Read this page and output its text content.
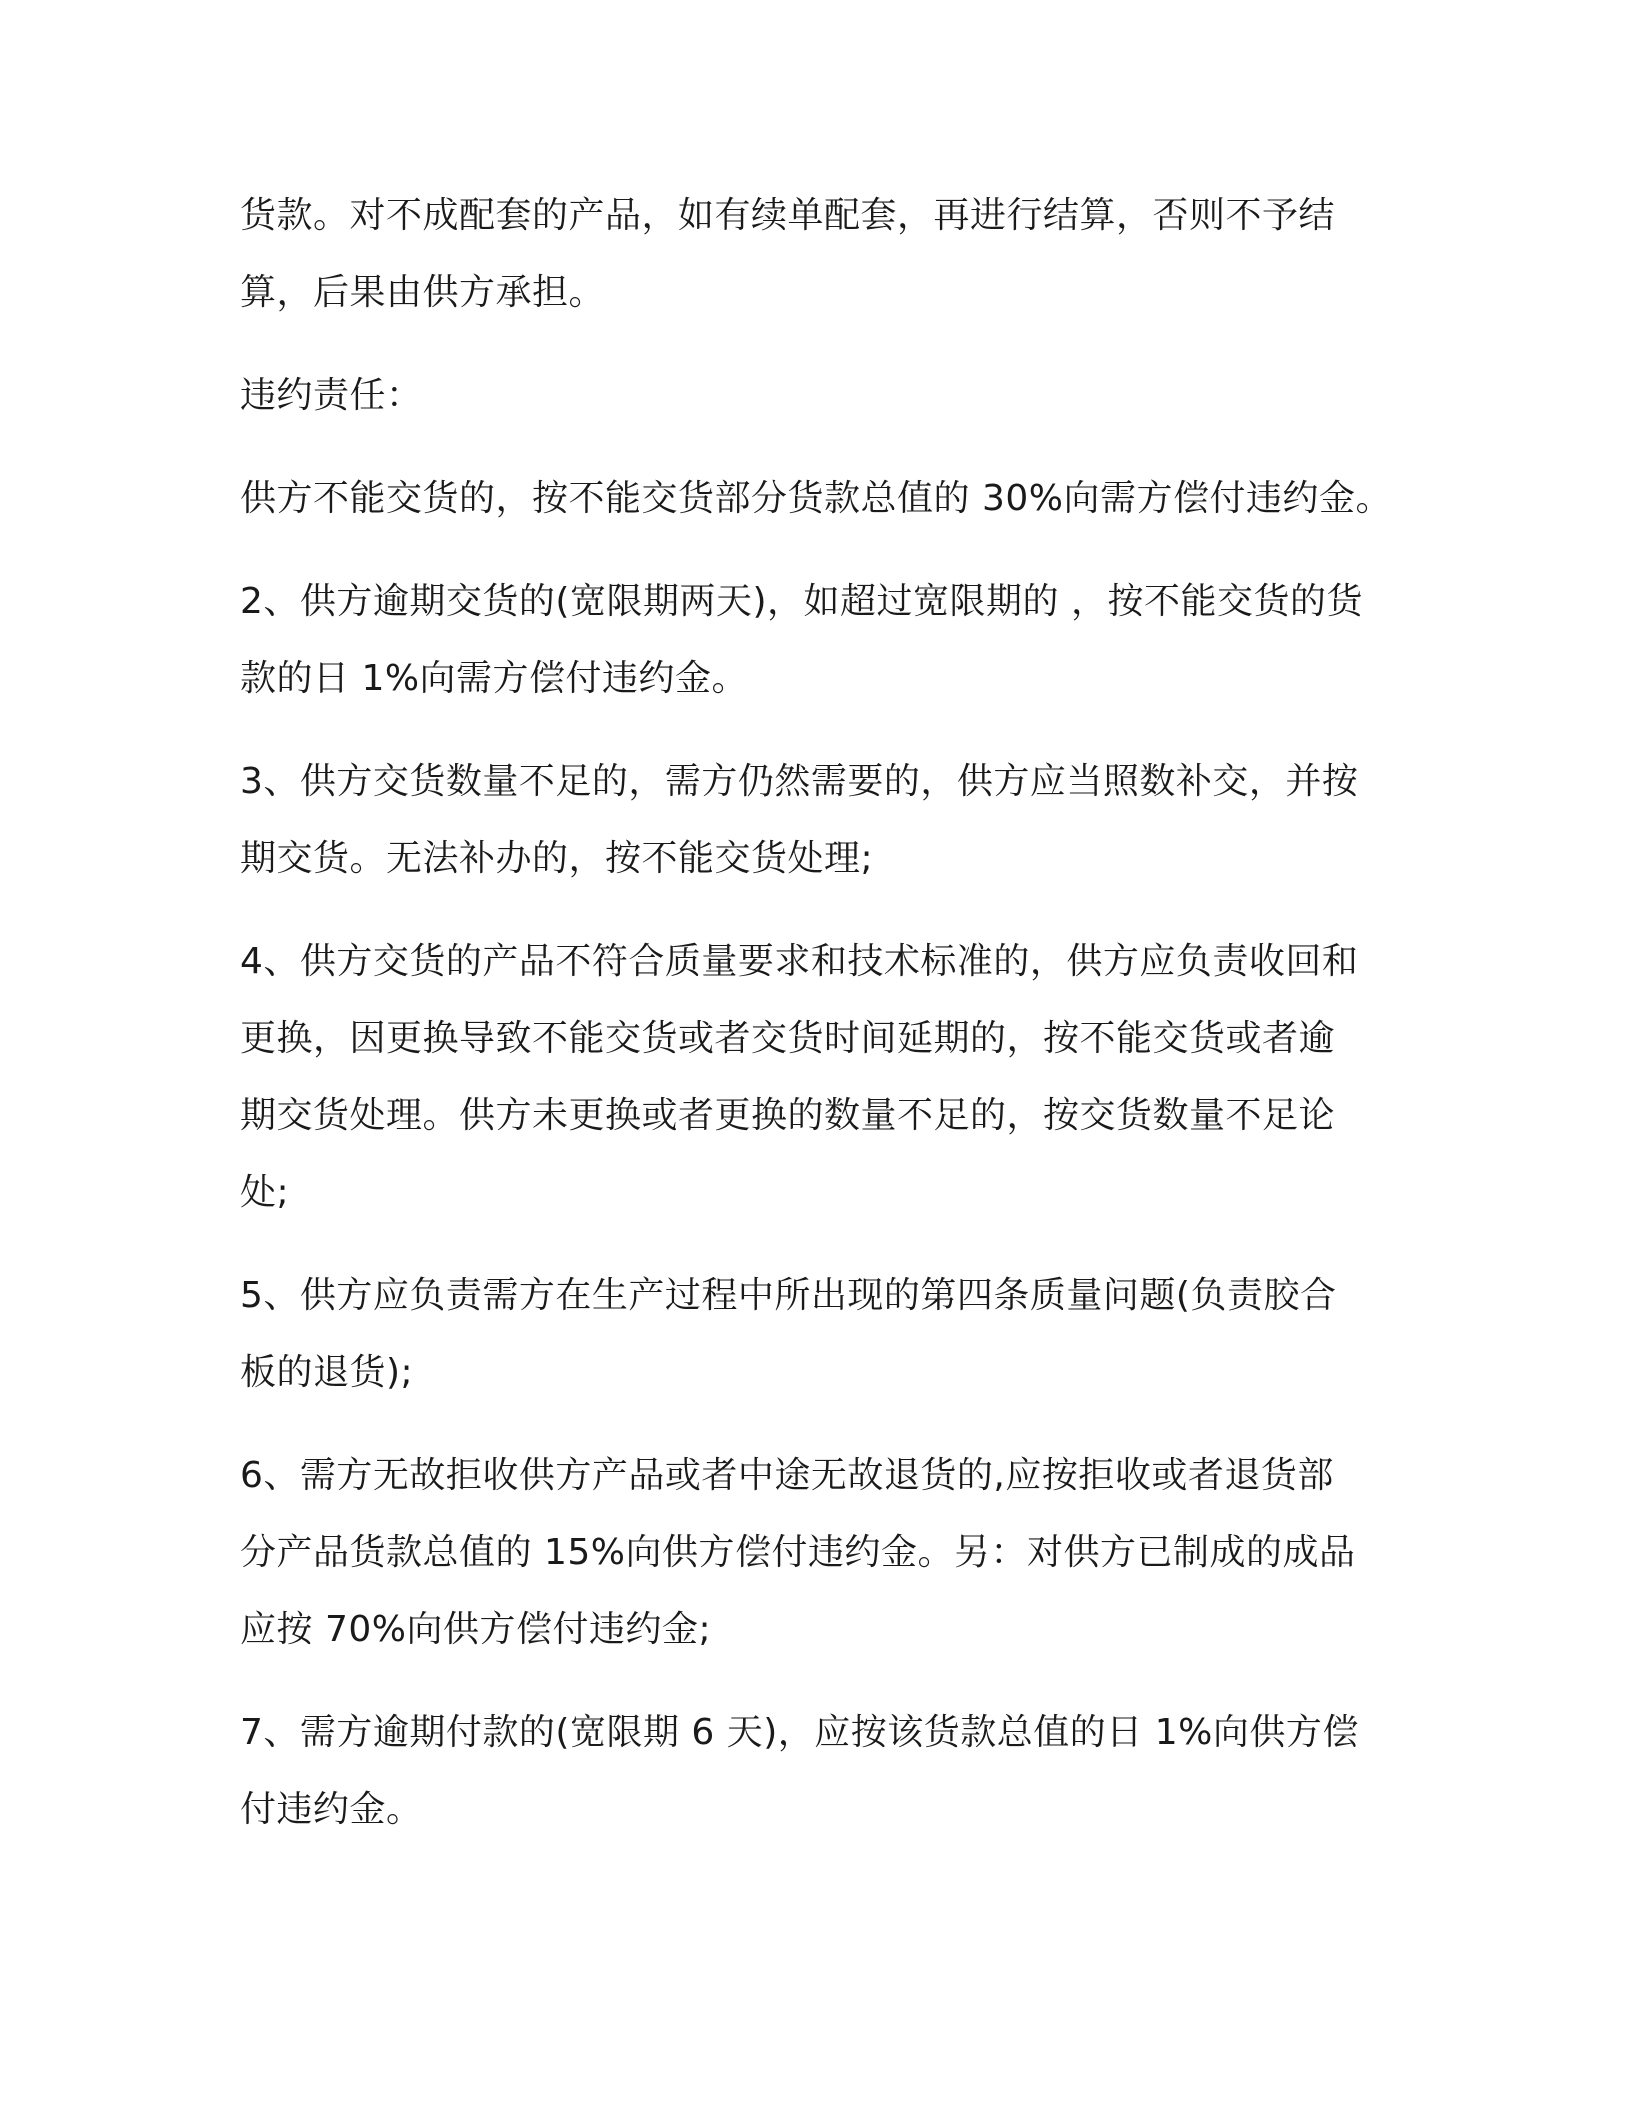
货款。对不成配套的产品，如有续单配套，再进行结算，否则不予结
算，后果由供方承担。
违约责任：
供方不能交货的，按不能交货部分货款总值的 30%向需方偿付违约金。
2、供方逾期交货的(宽限期两天)，如超过宽限期的 ，按不能交货的货
款的日 1%向需方偿付违约金。
3、供方交货数量不足的，需方仍然需要的，供方应当照数补交，并按
期交货。无法补办的，按不能交货处理;
4、供方交货的产品不符合质量要求和技术标准的，供方应负责收回和
更换，因更换导致不能交货或者交货时间延期的，按不能交货或者逾
期交货处理。供方未更换或者更换的数量不足的，按交货数量不足论
处;
5、供方应负责需方在生产过程中所出现的第四条质量问题(负责胶合
板的退货);
6、需方无故拒收供方产品或者中途无故退货的,应按拒收或者退货部
分产品货款总值的 15%向供方偿付违约金。另：对供方已制成的成品
应按 70%向供方偿付违约金;
7、需方逾期付款的(宽限期 6 天)，应按该货款总值的日 1%向供方偿
付违约金。
